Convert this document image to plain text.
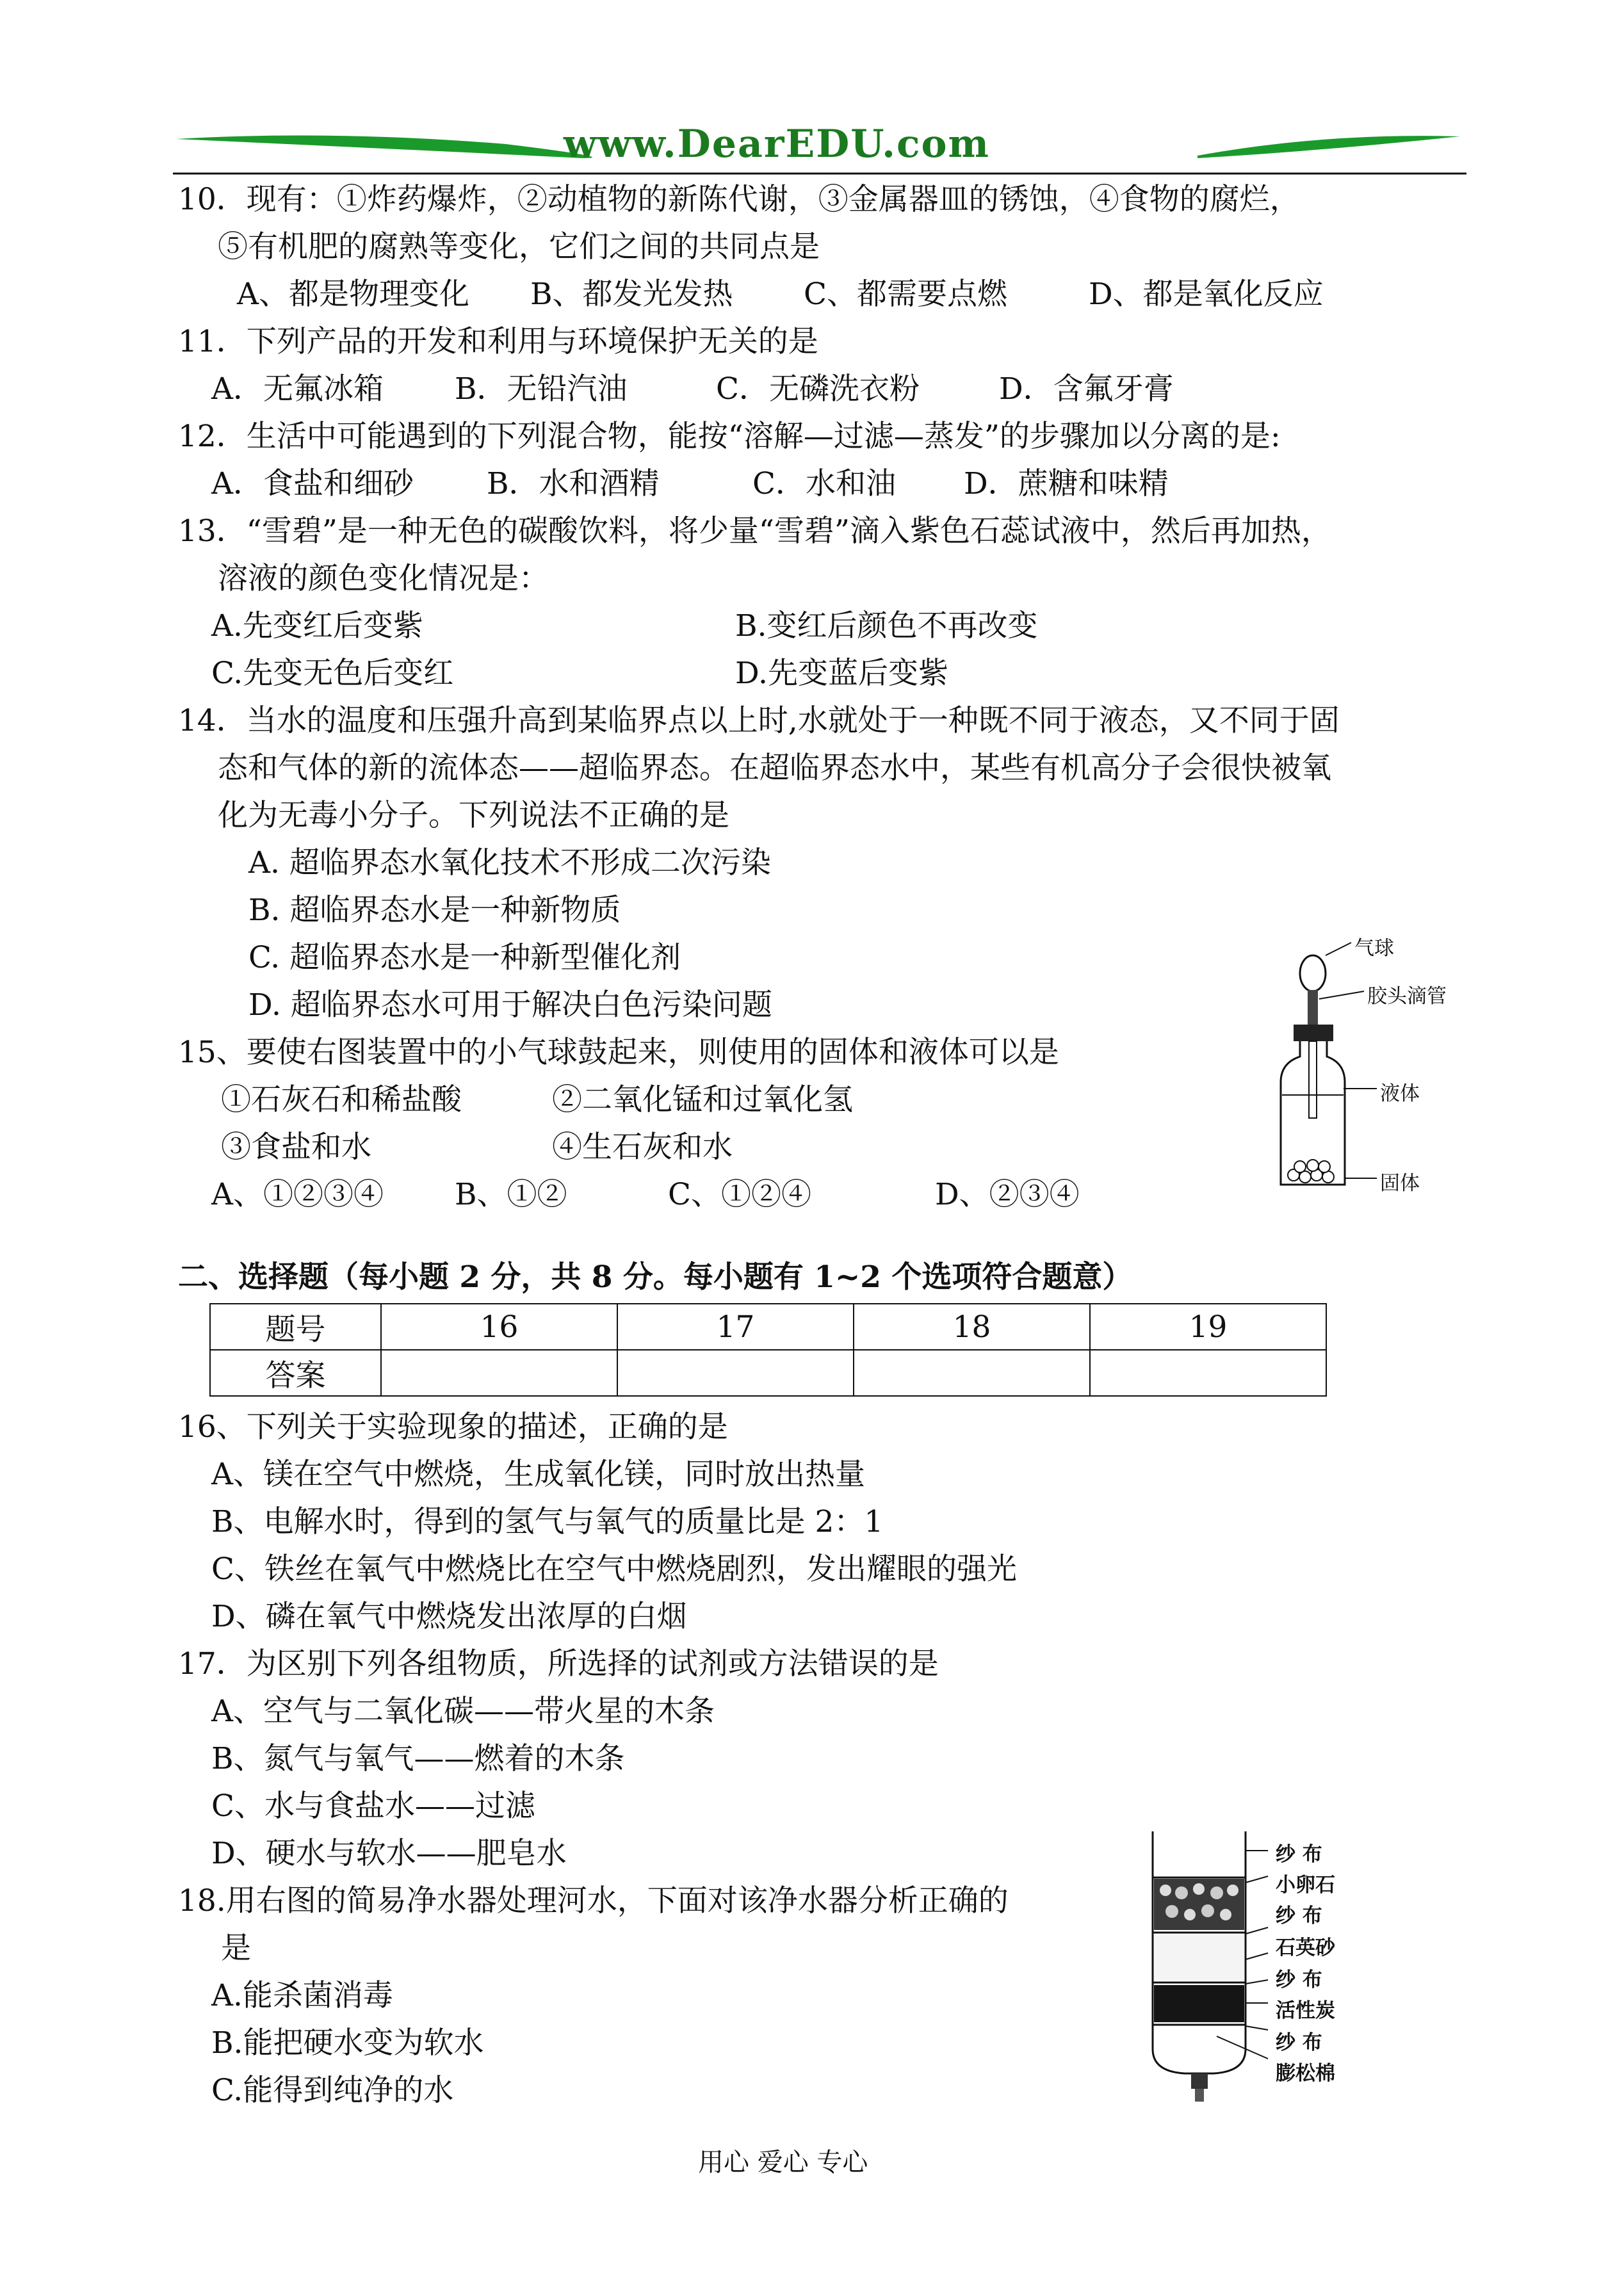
www.DearEDU.com
10．现有：①炸药爆炸，②动植物的新陈代谢，③金属器皿的锈蚀，④食物的腐烂，
⑤有机肥的腐熟等变化，它们之间的共同点是
A、都是物理变化 B、都发光发热 C、都需要点燃	D、都是氧化反应
11．下列产品的开发和利用与环境保护无关的是
A．无氟冰箱 B．无铅汽油	C．无磷洗衣粉	D．含氟牙膏
12．生活中可能遇到的下列混合物，能按“溶解—过滤—蒸发”的步骤加以分离的是:
A．食盐和细砂 B．水和酒精	C．水和油 D．蔗糖和味精
13．“雪碧”是一种无色的碳酸饮料，将少量“雪碧”滴入紫色石蕊试液中，然后再加热，
溶液的颜色变化情况是：
A.先变红后变紫	B.变红后颜色不再改变
C.先变无色后变红	D.先变蓝后变紫
14．当水的温度和压强升高到某临界点以上时,水就处于一种既不同于液态，又不同于固
态和气体的新的流体态——超临界态。在超临界态水中，某些有机高分子会很快被氧
化为无毒小分子。下列说法不正确的是
A. 超临界态水氧化技术不形成二次污染
B. 超临界态水是一种新物质
C. 超临界态水是一种新型催化剂
D. 超临界态水可用于解决白色污染问题
15、要使右图装置中的小气球鼓起来，则使用的固体和液体可以是
①石灰石和稀盐酸	②二氧化锰和过氧化氢
③食盐和水	④生石灰和水
A、①②③④ B、①②	C、①②④	D、②③④
气球
胶头滴管
液体
固体
二、选择题（每小题 2 分，共 8 分。每小题有 1~2 个选项符合题意）
题号	16	17	18	19
答案				
16、下列关于实验现象的描述，正确的是
A、镁在空气中燃烧，生成氧化镁，同时放出热量
B、电解水时，得到的氢气与氧气的质量比是 2：1
C、铁丝在氧气中燃烧比在空气中燃烧剧烈，发出耀眼的强光
D、磷在氧气中燃烧发出浓厚的白烟
17．为区别下列各组物质，所选择的试剂或方法错误的是
A、空气与二氧化碳——带火星的木条
B、氮气与氧气——燃着的木条
C、水与食盐水——过滤
D、硬水与软水——肥皂水
18.用右图的简易净水器处理河水，下面对该净水器分析正确的
是
A.能杀菌消毒
B.能把硬水变为软水
C.能得到纯净的水
纱 布
小卵石
纱 布
石英砂
纱 布
活性炭
纱 布
膨松棉
用心 爱心 专心
